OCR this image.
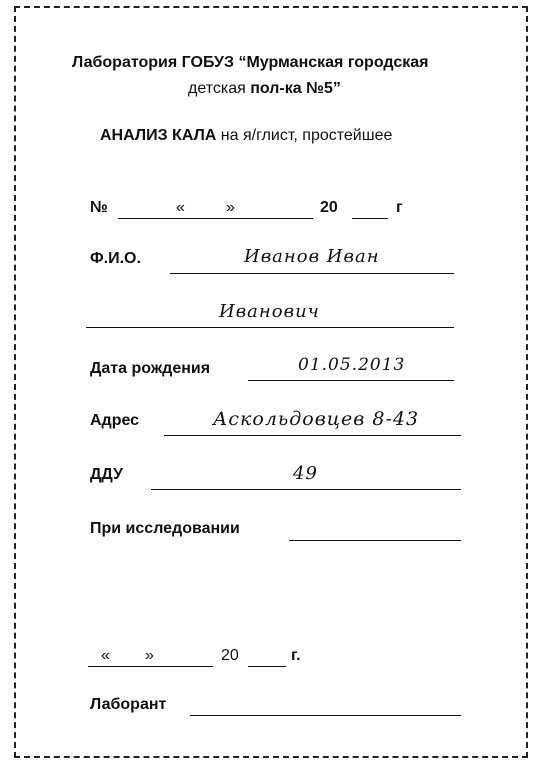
Лаборатория ГОБУЗ “Мурманская городская
детская пол-ка №5”
АНАЛИЗ КАЛА на я/глист, простейшее
№	«	»	20	г
Ф.И.О.	Иванов Иван
Иванович
Дата рождения	01.05.2013
Адрес	Аскольдовцев 8-43
ДДУ	49
При исследовании
« »	20	г.
Лаборант
